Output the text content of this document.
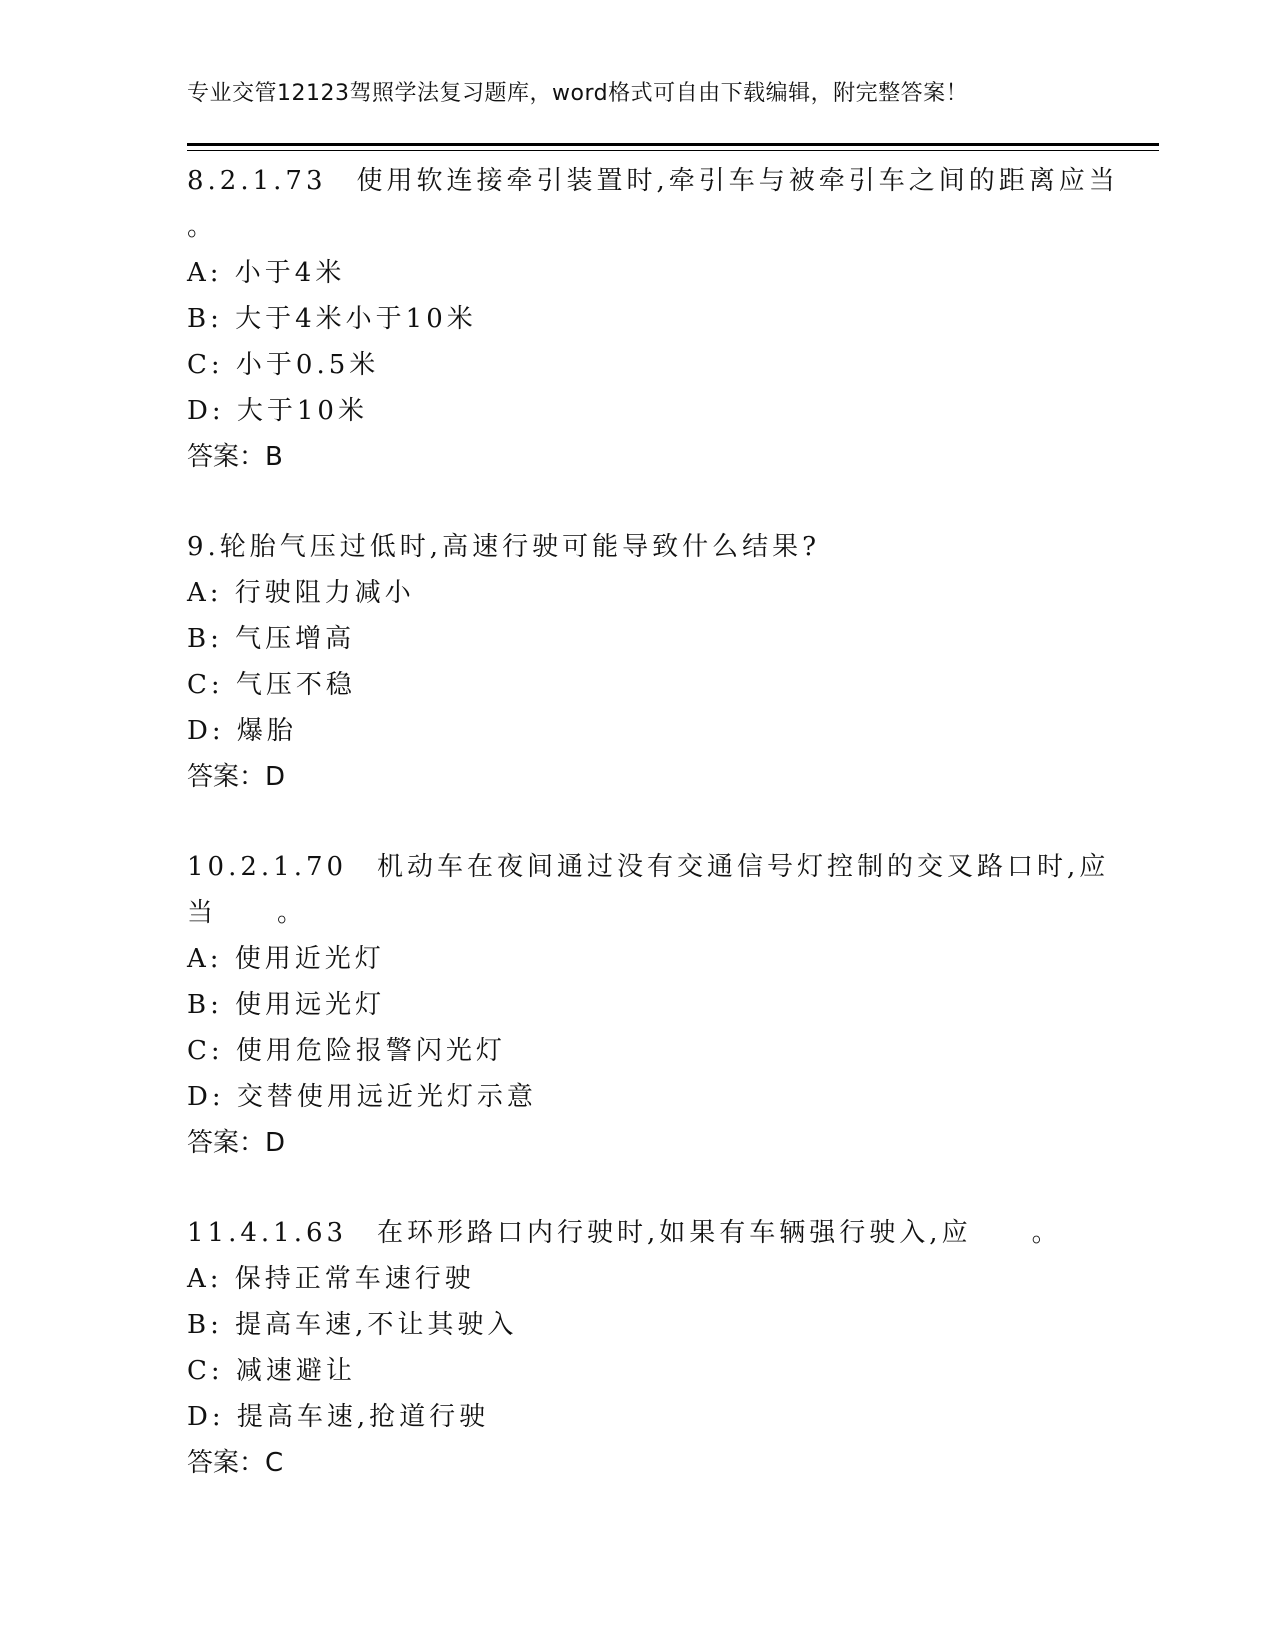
专业交管12123驾照学法复习题库，word格式可自由下载编辑，附完整答案！
8.2.1.73　使用软连接牵引装置时,牵引车与被牵引车之间的距离应当
。
A: 小于4米
B: 大于4米小于10米
C: 小于0.5米
D: 大于10米
答案：B
9.轮胎气压过低时,高速行驶可能导致什么结果?
A: 行驶阻力减小
B: 气压增高
C: 气压不稳
D: 爆胎
答案：D
10.2.1.70　机动车在夜间通过没有交通信号灯控制的交叉路口时,应
当　　。
A: 使用近光灯
B: 使用远光灯
C: 使用危险报警闪光灯
D: 交替使用远近光灯示意
答案：D
11.4.1.63　在环形路口内行驶时,如果有车辆强行驶入,应　　。
A: 保持正常车速行驶
B: 提高车速,不让其驶入
C: 减速避让
D: 提高车速,抢道行驶
答案：C
